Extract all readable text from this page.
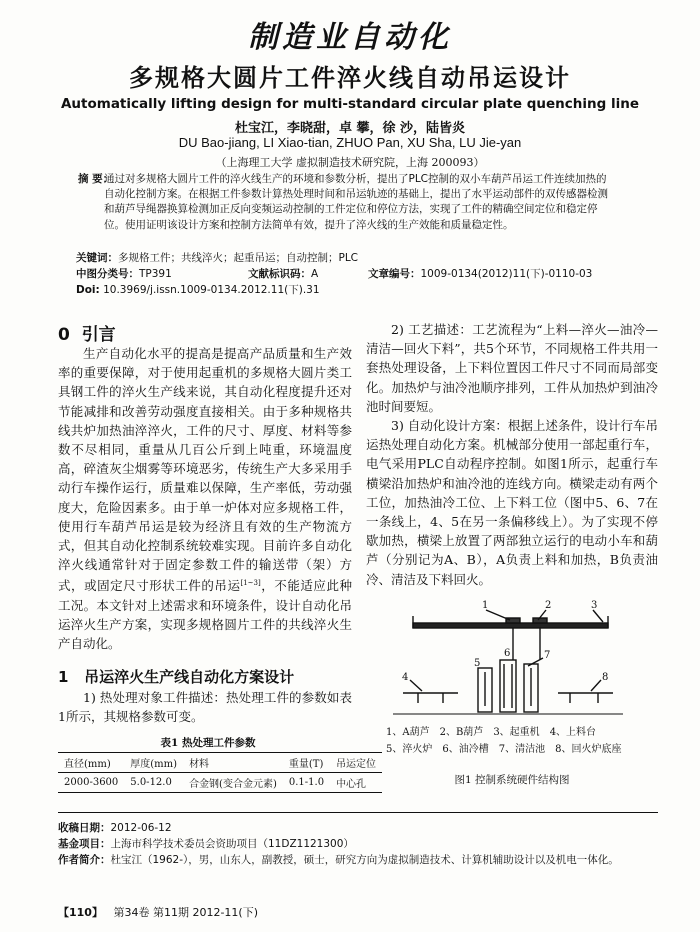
制造业自动化
多规格大圆片工件淬火线自动吊运设计
Automatically lifting design for multi-standard circular plate quenching line
杜宝江，李晓甜，卓 攀，徐 沙，陆皆炎
DU Bao-jiang, LI Xiao-tian, ZHUO Pan, XU Sha, LU Jie-yan
（上海理工大学 虚拟制造技术研究院，上海 200093）
摘 要：
通过对多规格大圆片工件的淬火线生产的环境和参数分析，提出了PLC控制的双小车葫芦吊运工件连续加热的自动化控制方案。在根据工件参数计算热处理时间和吊运轨迹的基础上，提出了水平运动部件的双传感器检测和葫芦导绳器换算检测加正反向变频运动控制的工件定位和停位方法，实现了工件的精确空间定位和稳定停位。使用证明该设计方案和控制方法简单有效，提升了淬火线的生产效能和质量稳定性。
关键词：多规格工件；共线淬火；起重吊运；自动控制；PLC
中图分类号：TP391	文献标识码：A	文章编号：1009-0134(2012)11(下)-0110-03
Doi: 10.3969/j.issn.1009-0134.2012.11(下).31
0 引言

生产自动化水平的提高是提高产品质量和生产效率的重要保障，对于使用起重机的多规格大圆片类工具钢工件的淬火生产线来说，其自动化程度提升还对节能减排和改善劳动强度直接相关。由于多种规格共线共炉加热油淬淬火，工件的尺寸、厚度、材料等参数不尽相同，重量从几百公斤到上吨重，环境温度高，碎渣灰尘烟雾等环境恶劣，传统生产大多采用手动行车操作运行，质量难以保障，生产率低，劳动强度大，危险因素多。由于单一炉体对应多规格工件，使用行车葫芦吊运是较为经济且有效的生产物流方式，但其自动化控制系统较难实现。目前许多自动化淬火线通常针对于固定参数工件的输送带（架）方式，或固定尺寸形状工件的吊运[1~3]，不能适应此种工况。本文针对上述需求和环境条件，设计自动化吊运淬火生产方案，实现多规格圆片工件的共线淬火生产自动化。

1 吊运淬火生产线自动化方案设计

1) 热处理对象工件描述：热处理工件的参数如表1所示，其规格参数可变。

表1 热处理工件参数
直径(mm)	厚度(mm)	材料	重量(T)	吊运定位
2000-3600	5.0-12.0	合金钢(变合金元素)	0.1-1.0	中心孔

2) 工艺描述：工艺流程为“上料—淬火—油冷—清洁—回火下料”，共5个环节，不同规格工件共用一套热处理设备，上下料位置因工件尺寸不同而局部变化。加热炉与油冷池顺序排列，工件从加热炉到油冷池时间要短。

3) 自动化设计方案：根据上述条件，设计行车吊运热处理自动化方案。机械部分使用一部起重行车，电气采用PLC自动程序控制。如图1所示，起重行车横梁沿加热炉和油冷池的连线方向。横梁走动有两个工位，加热油冷工位、上下料工位（图中5、6、7在一条线上，4、5在另一条偏移线上）。为了实现不停歇加热，横梁上放置了两部独立运行的电动小车和葫芦（分别记为A、B），A负责上料和加热，B负责油冷、清洁及下料回火。

1	2	3
4
5
6	7
8
1、A葫芦 2、B葫芦 3、起重机 4、上料台
5、淬火炉 6、油冷槽 7、清洁池 8、回火炉底座
图1 控制系统硬件结构图
收稿日期：2012-06-12
基金项目：上海市科学技术委员会资助项目（11DZ1121300）
作者简介：杜宝江（1962-），男，山东人，副教授，硕士，研究方向为虚拟制造技术、计算机辅助设计以及机电一体化。
【110】 第34卷 第11期 2012-11(下)
